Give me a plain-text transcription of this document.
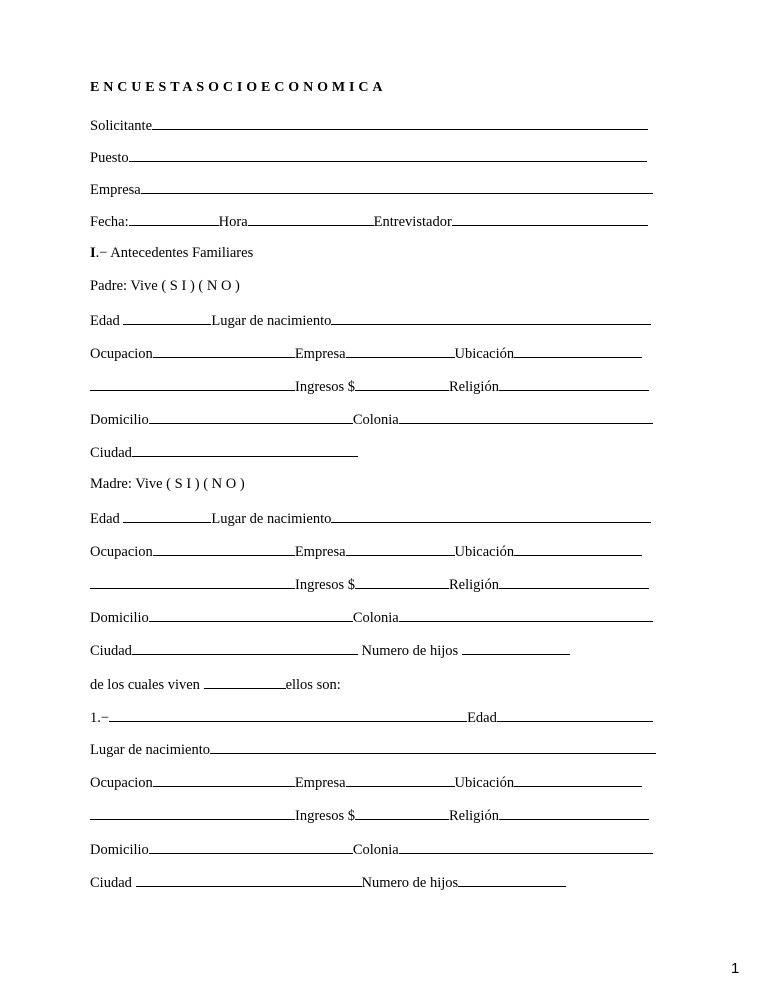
ENCUESTASOCIOECONOMICA
Solicitante
Puesto
Empresa
Fecha:	Hora	Entrevistador
I.− Antecedentes Familiares
Padre: Vive ( S I ) ( N O )
Edad	Lugar de nacimiento
Ocupacion	Empresa	Ubicación
Ingresos $	Religión
Domicilio	Colonia
Ciudad
Madre: Vive ( S I ) ( N O )
Edad	Lugar de nacimiento
Ocupacion	Empresa	Ubicación
Ingresos $	Religión
Domicilio	Colonia
Ciudad	Numero de hijos
de los cuales viven	ellos son:
1.−	Edad
Lugar de nacimiento
Ocupacion	Empresa	Ubicación
Ingresos $	Religión
Domicilio	Colonia
Ciudad	Numero de hijos
1
